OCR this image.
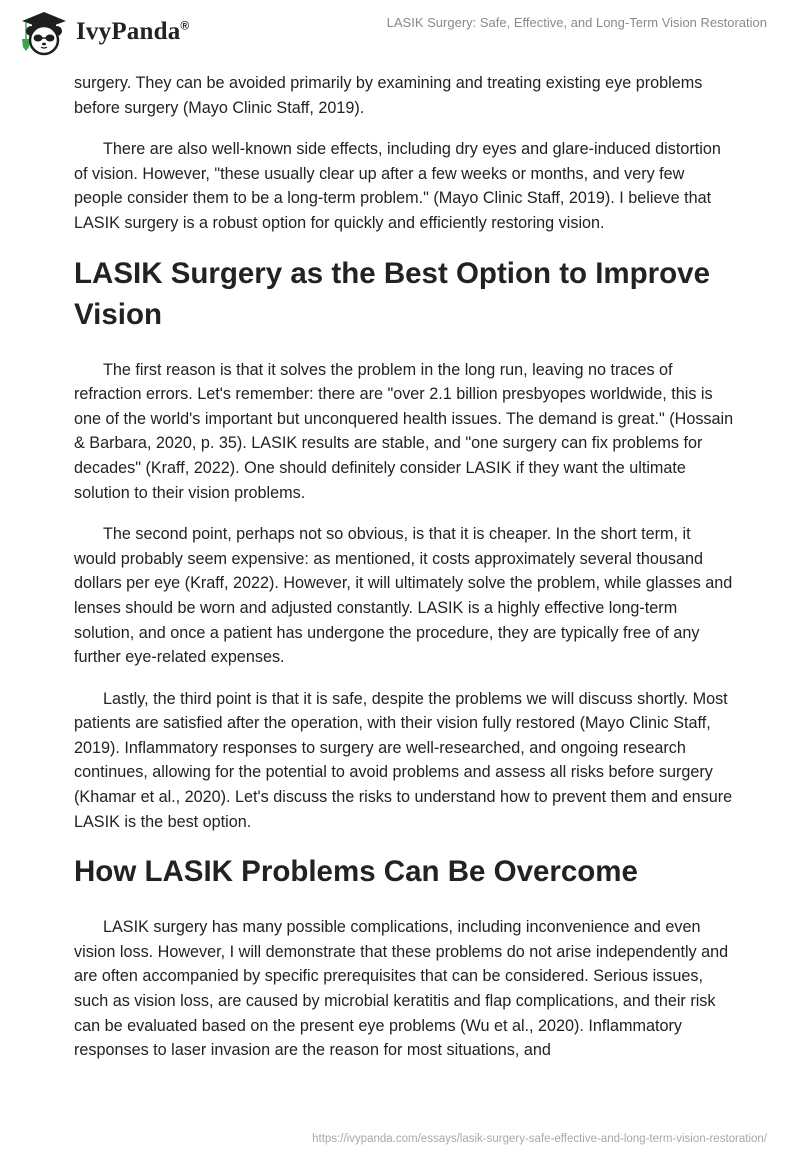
IvyPanda®	LASIK Surgery: Safe, Effective, and Long-Term Vision Restoration

surgery. They can be avoided primarily by examining and treating existing eye problems before surgery (Mayo Clinic Staff, 2019).

There are also well-known side effects, including dry eyes and glare-induced distortion of vision. However, "these usually clear up after a few weeks or months, and very few people consider them to be a long-term problem." (Mayo Clinic Staff, 2019). I believe that LASIK surgery is a robust option for quickly and efficiently restoring vision.

LASIK Surgery as the Best Option to Improve Vision

The first reason is that it solves the problem in the long run, leaving no traces of refraction errors. Let's remember: there are "over 2.1 billion presbyopes worldwide, this is one of the world's important but unconquered health issues. The demand is great." (Hossain & Barbara, 2020, p. 35). LASIK results are stable, and "one surgery can fix problems for decades" (Kraff, 2022). One should definitely consider LASIK if they want the ultimate solution to their vision problems.

The second point, perhaps not so obvious, is that it is cheaper. In the short term, it would probably seem expensive: as mentioned, it costs approximately several thousand dollars per eye (Kraff, 2022). However, it will ultimately solve the problem, while glasses and lenses should be worn and adjusted constantly. LASIK is a highly effective long-term solution, and once a patient has undergone the procedure, they are typically free of any further eye-related expenses.

Lastly, the third point is that it is safe, despite the problems we will discuss shortly. Most patients are satisfied after the operation, with their vision fully restored (Mayo Clinic Staff, 2019). Inflammatory responses to surgery are well-researched, and ongoing research continues, allowing for the potential to avoid problems and assess all risks before surgery (Khamar et al., 2020). Let's discuss the risks to understand how to prevent them and ensure LASIK is the best option.

How LASIK Problems Can Be Overcome

LASIK surgery has many possible complications, including inconvenience and even vision loss. However, I will demonstrate that these problems do not arise independently and are often accompanied by specific prerequisites that can be considered. Serious issues, such as vision loss, are caused by microbial keratitis and flap complications, and their risk can be evaluated based on the present eye problems (Wu et al., 2020). Inflammatory responses to laser invasion are the reason for most situations, and

https://ivypanda.com/essays/lasik-surgery-safe-effective-and-long-term-vision-restoration/
